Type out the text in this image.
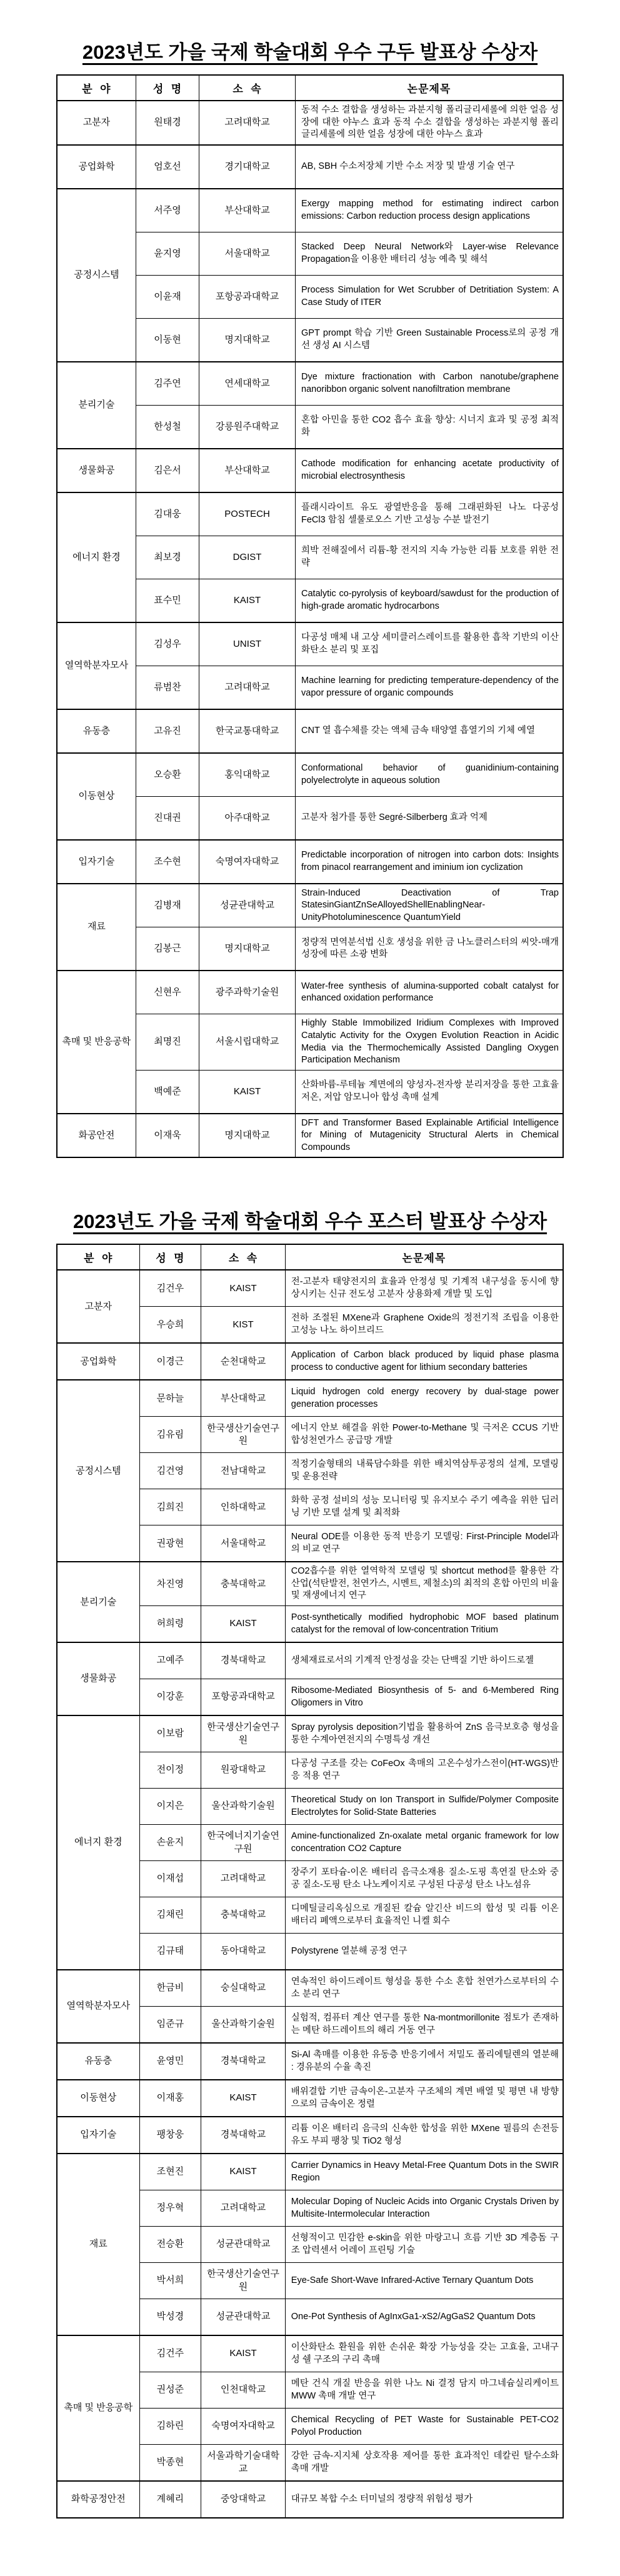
2023년도 가을 국제 학술대회 우수 구두 발표상 수상자
분  야	성  명	소  속	논문제목
고분자	원태경	고려대학교	동적 수소 결합을 생성하는 과분지형 폴리글리세롤에 의한 얼음 성장에 대한 야누스 효과 동적 수소 결합을 생성하는 과분지형 폴리글리세롤에 의한 얼음 성장에 대한 야누스 효과
공업화학	엄호선	경기대학교	AB, SBH 수소저장체 기반 수소 저장 및 발생 기술 연구
공정시스템	서주영	부산대학교	Exergy mapping method for estimating indirect carbon emissions: Carbon reduction process design applications
	윤지영	서울대학교	Stacked Deep Neural Network와 Layer-wise Relevance Propagation을 이용한 배터리 성능 예측 및 해석
	이윤재	포항공과대학교	Process Simulation for Wet Scrubber of Detritiation System: A Case Study of ITER
	이동현	명지대학교	GPT prompt 학습 기반 Green Sustainable Process로의 공정 개선 생성 AI 시스템
분리기술	김주연	연세대학교	Dye mixture fractionation with Carbon nanotube/graphene nanoribbon organic solvent nanofiltration membrane
	한성철	강릉원주대학교	혼합 아민을 통한 CO2 흡수 효율 향상: 시너지 효과 및 공정 최적화
생물화공	김은서	부산대학교	Cathode modification for enhancing acetate productivity of microbial electrosynthesis
에너지 환경	김대웅	POSTECH	플래시라이트 유도 광열반응을 통해 그래핀화된 나노 다공성 FeCl3 함침 셀룰로오스 기반 고성능 수분 발전기
	최보경	DGIST	희박 전해질에서 리튬-황 전지의 지속 가능한 리튬 보호를 위한 전략
	표수민	KAIST	Catalytic co-pyrolysis of keyboard/sawdust for the production of high-grade aromatic hydrocarbons
열역학분자모사	김성우	UNIST	다공성 매체 내 고상 세미클러스레이트를 활용한 흡착 기반의 이산화탄소 분리 및 포집
	류범찬	고려대학교	Machine learning for predicting temperature-dependency of the vapor pressure of organic compounds
유동층	고유진	한국교통대학교	CNT 열 흡수체를 갖는 액체 금속 태양열 흡열기의 기체 예열
이동현상	오승환	홍익대학교	Conformational behavior of guanidinium-containing polyelectrolyte in aqueous solution
	진대권	아주대학교	고분자 첨가를 통한 Segré-Silberberg 효과 억제
입자기술	조수현	숙명여자대학교	Predictable incorporation of nitrogen into carbon dots: Insights from pinacol rearrangement and iminium ion cyclization
재료	김병재	성균관대학교	Strain-Induced Deactivation of Trap StatesinGiantZnSeAlloyedShellEnablingNear-UnityPhotoluminescence QuantumYield
	김봉근	명지대학교	정량적 면역분석법 신호 생성을 위한 금 나노클러스터의 씨앗-매개 성장에 따른 소광 변화
촉매 및 반응공학	신현우	광주과학기술원	Water-free synthesis of alumina-supported cobalt catalyst for enhanced oxidation performance
	최명진	서울시립대학교	Highly Stable Immobilized Iridium Complexes with Improved Catalytic Activity for the Oxygen Evolution Reaction in Acidic Media via the Thermochemically Assisted Dangling Oxygen Participation Mechanism
	백예준	KAIST	산화바륨-루테늄 계면에의 양성자-전자쌍 분리저장을 통한 고효율 저온, 저압 암모니아 합성 촉매 설계
화공안전	이재욱	명지대학교	DFT and Transformer Based Explainable Artificial Intelligence for Mining of Mutagenicity Structural Alerts in Chemical Compounds
2023년도 가을 국제 학술대회 우수 포스터 발표상 수상자
분  야	성  명	소  속	논문제목
고분자	김건우	KAIST	전-고분자 태양전지의 효율과 안정성 및 기계적 내구성을 동시에 향상시키는 신규 전도성 고분자 상용화제 개발 및 도입
	우승희	KIST	전하 조절된 MXene과 Graphene Oxide의 정전기적 조립을 이용한 고성능 나노 하이브리드
공업화학	이경근	순천대학교	Application of Carbon black produced by liquid phase plasma process to conductive agent for lithium secondary batteries
공정시스템	문하늘	부산대학교	Liquid hydrogen cold energy recovery by dual-stage power generation processes
	김유림	한국생산기술연구원	에너지 안보 해결을 위한 Power-to-Methane 및 극저온 CCUS 기반 합성천연가스 공급망 개발
	김건영	전남대학교	적정기술형태의 내륙담수화를 위한 배치역삼투공정의 설계, 모델링 및 운용전략
	김희진	인하대학교	화학 공정 설비의 성능 모니터링 및 유지보수 주기 예측을 위한 딥러닝 기반 모델 설계 및 최적화
	권광현	서울대학교	Neural ODE를 이용한 동적 반응기 모델링: First-Principle Model과의 비교 연구
분리기술	차진영	충북대학교	CO2흡수를 위한 열역학적 모델링 및 shortcut method를 활용한 각 산업(석탄발전, 천연가스, 시멘트, 제철소)의 최적의 혼합 아민의 비율 및 재생에너지 연구
	허희령	KAIST	Post-synthetically modified hydrophobic MOF based platinum catalyst for the removal of low-concentration Tritium
생물화공	고예주	경북대학교	생체재료로서의 기계적 안정성을 갖는 단백질 기반 하이드로젤
	이강훈	포항공과대학교	Ribosome-Mediated Biosynthesis of 5- and 6-Membered Ring Oligomers in Vitro
에너지 환경	이보람	한국생산기술연구원	Spray pyrolysis deposition기법을 활용하여 ZnS 음극보호층 형성을 통한 수계아연전지의 수명특성 개선
	전이정	원광대학교	다공성 구조를 갖는 CoFeOx 촉매의 고온수성가스전이(HT-WGS)반응 적용 연구
	이지은	울산과학기술원	Theoretical Study on Ion Transport in Sulfide/Polymer Composite Electrolytes for Solid-State Batteries
	손윤지	한국에너지기술연구원	Amine-functionalized Zn-oxalate metal organic framework for low concentration CO2 Capture
	이재섭	고려대학교	장주기 포타슘-이온 배터리 음극소재용 질소-도핑 흑연질 탄소와 중공 질소-도핑 탄소 나노케이지로 구성된 다공성 탄소 나노섬유
	김채린	충북대학교	디메틸글리옥심으로 개질된 칼슘 알긴산 비드의 합성 및 리튬 이온 배터리 폐액으로부터 효율적인 니켈 회수
	김규태	동아대학교	Polystyrene 열분해 공정 연구
열역학분자모사	한금비	숭실대학교	연속적인 하이드레이트 형성을 통한 수소 혼합 천연가스로부터의 수소 분리 연구
	임준규	울산과학기술원	실험적, 컴퓨터 계산 연구를 통한 Na-montmorillonite 점토가 존재하는 메탄 하드레이트의 해리 거동 연구
유동층	윤영민	경북대학교	Si-Al 촉매를 이용한 유동층 반응기에서 저밀도 폴리에틸렌의 열분해 : 경유분의 수율 촉진
이동현상	이재홍	KAIST	배위결합 기반 금속이온-고분자 구조체의 계면 배열 및 평면 내 방향으로의 금속이온 정렬
입자기술	팽창웅	경북대학교	리튬 이온 배터리 음극의 신속한 합성을 위한 MXene 필름의 손전등 유도 부피 팽창 및 TiO2 형성
재료	조현진	KAIST	Carrier Dynamics in Heavy Metal-Free Quantum Dots in the SWIR Region
	정우혁	고려대학교	Molecular Doping of Nucleic Acids into Organic Crystals Driven by Multisite-Intermolecular Interaction
	전승환	성균관대학교	선형적이고 민감한 e-skin을 위한 마랑고니 흐름 기반 3D 계층돔 구조 압력센서 어레이 프린팅 기술
	박서희	한국생산기술연구원	Eye-Safe Short-Wave Infrared-Active Ternary Quantum Dots
	박성경	성균관대학교	One-Pot Synthesis of AgInxGa1-xS2/AgGaS2 Quantum Dots
촉매 및 반응공학	김건주	KAIST	이산화탄소 환원을 위한 손쉬운 확장 가능성을 갖는 고효율, 고내구성 쉘 구조의 구리 촉매
	권성준	인천대학교	메탄 건식 개질 반응을 위한 나노 Ni 결정 담지 마그네슘실리케이트 MWW 촉매 개발 연구
	김하린	숙명여자대학교	Chemical Recycling of PET Waste for Sustainable PET-CO2 Polyol Production
	박종현	서울과학기술대학교	강한 금속-지지체 상호작용 제어를 통한 효과적인 데칼린 탈수소화 촉매 개발
화학공정안전	계혜리	중앙대학교	대규모 복합 수소 터미널의 정량적 위험성 평가
